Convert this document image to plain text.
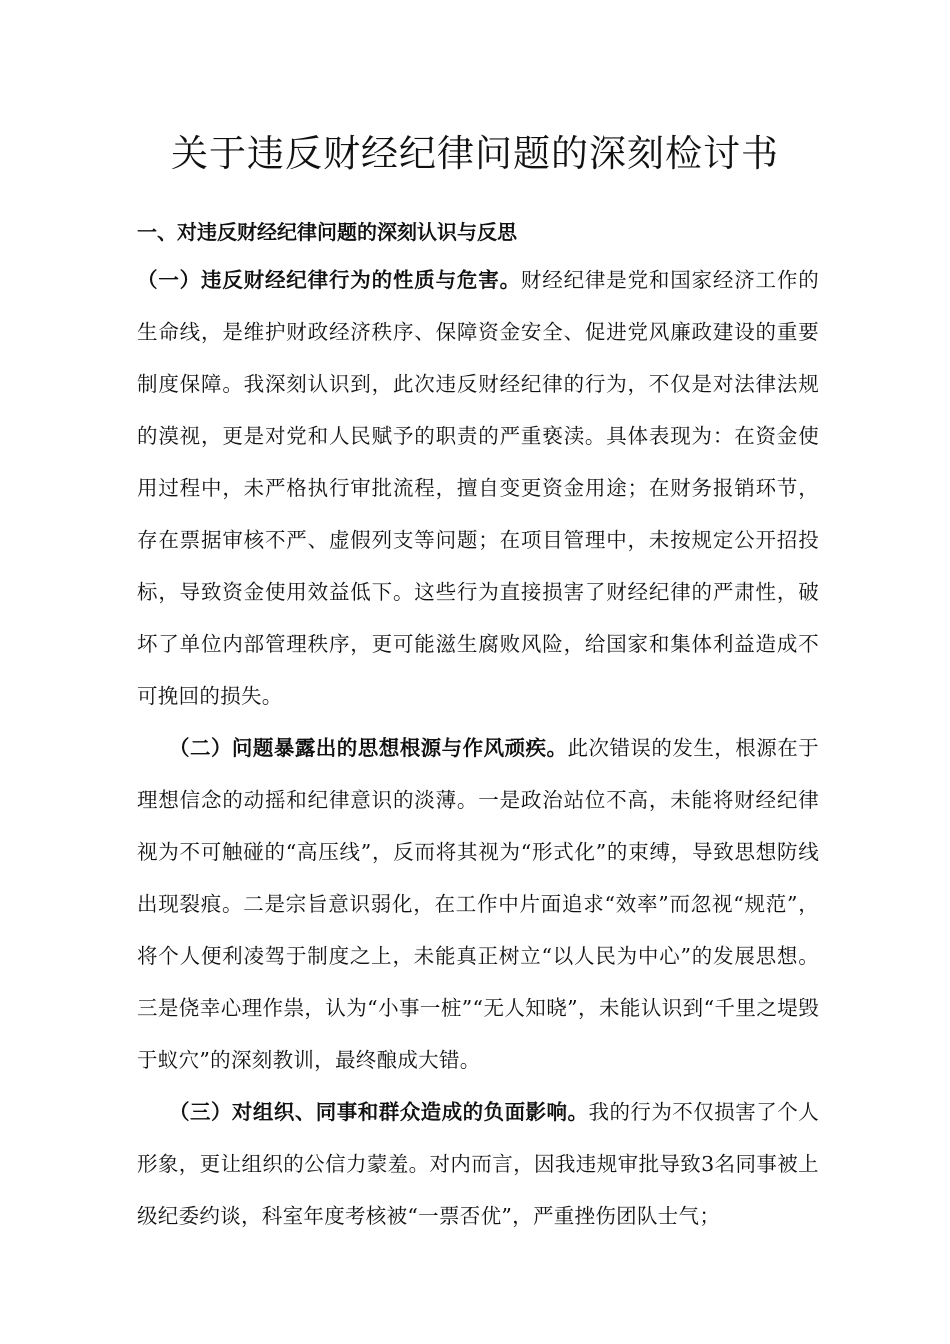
关于违反财经纪律问题的深刻检讨书
一、对违反财经纪律问题的深刻认识与反思

（一）违反财经纪律行为的性质与危害。财经纪律是党和国家经济工作的生命线，是维护财政经济秩序、保障资金安全、促进党风廉政建设的重要制度保障。我深刻认识到，此次违反财经纪律的行为，不仅是对法律法规的漠视，更是对党和人民赋予的职责的严重亵渎。具体表现为：在资金使用过程中，未严格执行审批流程，擅自变更资金用途；在财务报销环节，存在票据审核不严、虚假列支等问题；在项目管理中，未按规定公开招投标，导致资金使用效益低下。这些行为直接损害了财经纪律的严肃性，破坏了单位内部管理秩序，更可能滋生腐败风险，给国家和集体利益造成不可挽回的损失。

（二）问题暴露出的思想根源与作风顽疾。此次错误的发生，根源在于理想信念的动摇和纪律意识的淡薄。一是政治站位不高，未能将财经纪律视为不可触碰的“高压线”，反而将其视为“形式化”的束缚，导致思想防线出现裂痕。二是宗旨意识弱化，在工作中片面追求“效率”而忽视“规范”，将个人便利凌驾于制度之上，未能真正树立“以人民为中心”的发展思想。三是侥幸心理作祟，认为“小事一桩”“无人知晓”，未能认识到“千里之堤毁于蚁穴”的深刻教训，最终酿成大错。

（三）对组织、同事和群众造成的负面影响。我的行为不仅损害了个人形象，更让组织的公信力蒙羞。对内而言，因我违规审批导致3名同事被上级纪委约谈，科室年度考核被“一票否优”，严重挫伤团队士气；
